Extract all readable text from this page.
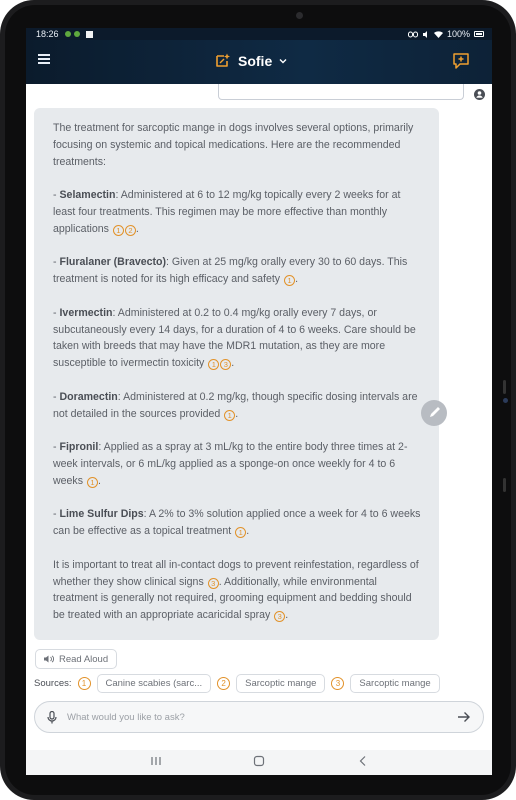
18:26	100%
Sofie

The treatment for sarcoptic mange in dogs involves several options, primarily focusing on systemic and topical medications. Here are the recommended treatments:

- Selamectin: Administered at 6 to 12 mg/kg topically every 2 weeks for at least four treatments. This regimen may be more effective than monthly applications 1 2 .

- Fluralaner (Bravecto): Given at 25 mg/kg orally every 30 to 60 days. This treatment is noted for its high efficacy and safety 1 .

- Ivermectin: Administered at 0.2 to 0.4 mg/kg orally every 7 days, or subcutaneously every 14 days, for a duration of 4 to 6 weeks. Care should be taken with breeds that may have the MDR1 mutation, as they are more susceptible to ivermectin toxicity 1 3 .

- Doramectin: Administered at 0.2 mg/kg, though specific dosing intervals are not detailed in the sources provided 1 .

- Fipronil: Applied as a spray at 3 mL/kg to the entire body three times at 2-week intervals, or 6 mL/kg applied as a sponge-on once weekly for 4 to 6 weeks 1 .

- Lime Sulfur Dips: A 2% to 3% solution applied once a week for 4 to 6 weeks can be effective as a topical treatment 1 .

It is important to treat all in-contact dogs to prevent reinfestation, regardless of whether they show clinical signs 3 . Additionally, while environmental treatment is generally not required, grooming equipment and bedding should be treated with an appropriate acaricidal spray 3 .

Read Aloud
Sources:	1	Canine scabies (sarc...	2	Sarcoptic mange	3	Sarcoptic mange
What would you like to ask?
